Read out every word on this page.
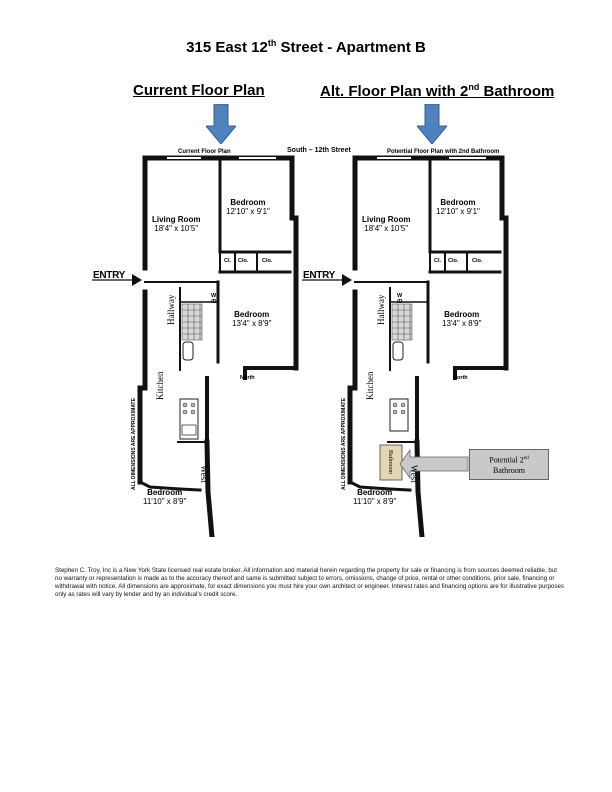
315 East 12th Street - Apartment B
Current Floor Plan	Alt. Floor Plan with 2nd Bathroom
Current Floor Plan	South – 12th Street	Potential Floor Plan with 2nd Bathroom
Living Room
18'4" x 10'5"
Bedroom
12'10" x 9'1"
Cl. Clo. Clo.
ENTRY
W
/D
Hallway	Bedroom
13'4" x 8'9"
North
Kitchen
ALL DIMENSIONS ARE APPROXIMATE	West
Bedroom
11'10" x 8'9"
Living Room
18'4" x 10'5"
Bedroom
12'10" x 9'1"
Cl. Clo. Clo.
ENTRY
W
/D
Hallway	Bedroom
13'4" x 8'9"
North
Kitchen
ALL DIMENSIONS ARE APPROXIMATE	West
Bathroom
Bedroom
11'10" x 8'9"
Potential 2nd
Bathroom
Stephen C. Troy, Inc is a New York State licensed real estate broker. All information and material herein regarding the property for sale or financing is from sources deemed reliable, but no warranty or representation is made as to the accuracy thereof and same is submitted subject to errors, omissions, change of price, rental or other conditions, prior sale, financing or withdrawal with notice. All dimensions are approximate, for exact dimensions you must hire your own architect or engineer. Interest rates and financing options are for illustrative purposes only as rates will vary by lender and by an individual’s credit score.
